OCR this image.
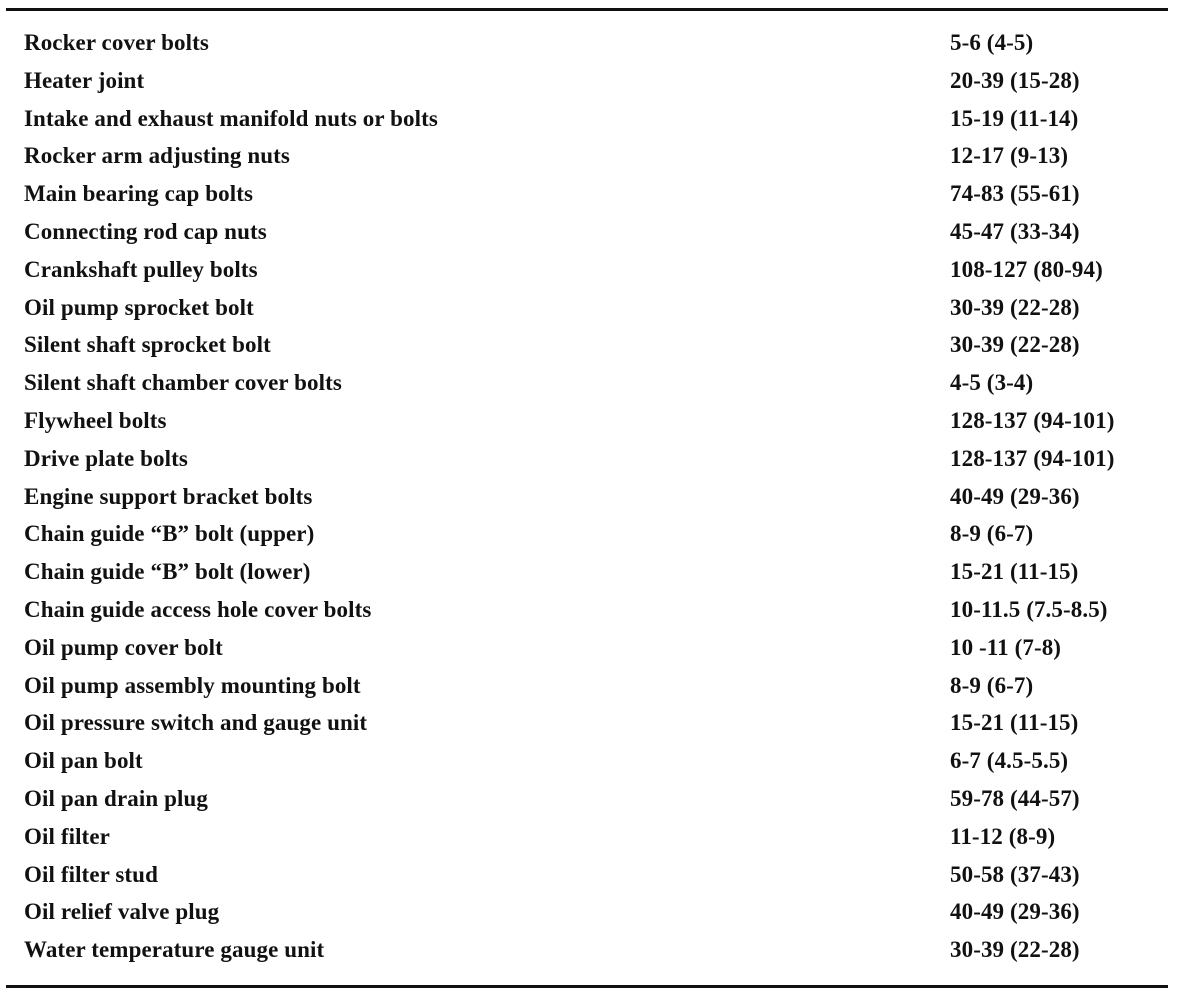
Rocker cover bolts	5-6 (4-5)
Heater joint	20-39 (15-28)
Intake and exhaust manifold nuts or bolts	15-19 (11-14)
Rocker arm adjusting nuts	12-17 (9-13)
Main bearing cap bolts	74-83 (55-61)
Connecting rod cap nuts	45-47 (33-34)
Crankshaft pulley bolts	108-127 (80-94)
Oil pump sprocket bolt	30-39 (22-28)
Silent shaft sprocket bolt	30-39 (22-28)
Silent shaft chamber cover bolts	4-5 (3-4)
Flywheel bolts	128-137 (94-101)
Drive plate bolts	128-137 (94-101)
Engine support bracket bolts	40-49 (29-36)
Chain guide “B” bolt (upper)	8-9 (6-7)
Chain guide “B” bolt (lower)	15-21 (11-15)
Chain guide access hole cover bolts	10-11.5 (7.5-8.5)
Oil pump cover bolt	10 -11 (7-8)
Oil pump assembly mounting bolt	8-9 (6-7)
Oil pressure switch and gauge unit	15-21 (11-15)
Oil pan bolt	6-7 (4.5-5.5)
Oil pan drain plug	59-78 (44-57)
Oil filter	11-12 (8-9)
Oil filter stud	50-58 (37-43)
Oil relief valve plug	40-49 (29-36)
Water temperature gauge unit	30-39 (22-28)
